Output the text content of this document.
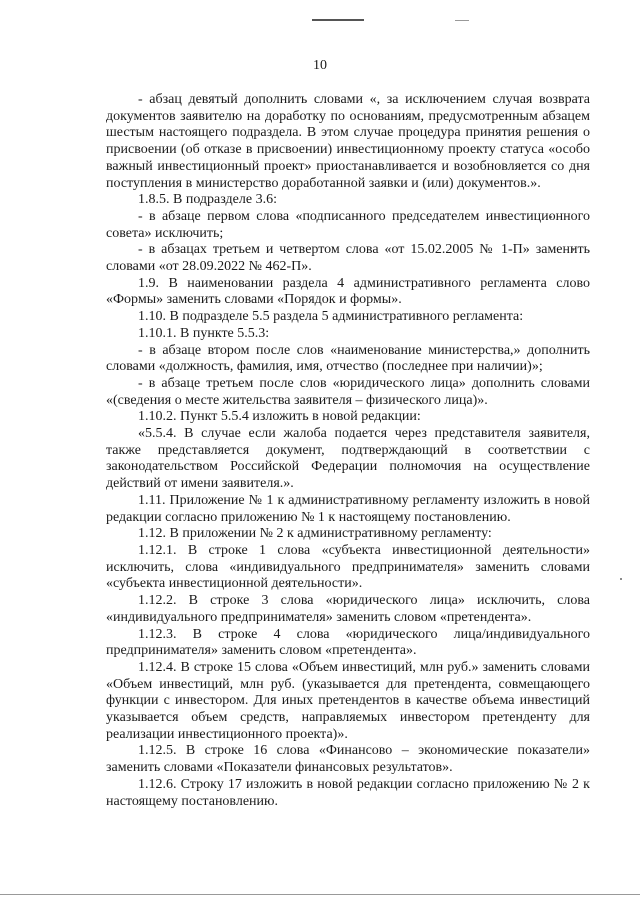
10

- абзац девятый дополнить словами «, за исключением случая возврата документов заявителю на доработку по основаниям, предусмотренным абзацем шестым настоящего подраздела. В этом случае процедура принятия решения о присвоении (об отказе в присвоении) инвестиционному проекту статуса «особо важный инвестиционный проект» приостанавливается и возобновляется со дня поступления в министерство доработанной заявки и (или) документов.».

1.8.5. В подразделе 3.6:

- в абзаце первом слова «подписанного председателем инвестиционного совета» исключить;

- в абзацах третьем и четвертом слова «от 15.02.2005 № 1-П» заменить словами «от 28.09.2022 № 462-П».

1.9. В наименовании раздела 4 административного регламента слово «Формы» заменить словами «Порядок и формы».

1.10. В подразделе 5.5 раздела 5 административного регламента:

1.10.1. В пункте 5.5.3:

- в абзаце втором после слов «наименование министерства,» дополнить словами «должность, фамилия, имя, отчество (последнее при наличии)»;

- в абзаце третьем после слов «юридического лица» дополнить словами «(сведения о месте жительства заявителя – физического лица)».

1.10.2. Пункт 5.5.4 изложить в новой редакции:

«5.5.4. В случае если жалоба подается через представителя заявителя, также представляется документ, подтверждающий в соответствии с законодательством Российской Федерации полномочия на осуществление действий от имени заявителя.».

1.11. Приложение № 1 к административному регламенту изложить в новой редакции согласно приложению № 1 к настоящему постановлению.

1.12. В приложении № 2 к административному регламенту:

1.12.1. В строке 1 слова «субъекта инвестиционной деятельности» исключить, слова «индивидуального предпринимателя» заменить словами «субъекта инвестиционной деятельности».

1.12.2. В строке 3 слова «юридического лица» исключить, слова «индивидуального предпринимателя» заменить словом «претендента».

1.12.3. В строке 4 слова «юридического лица/индивидуального предпринимателя» заменить словом «претендента».

1.12.4. В строке 15 слова «Объем инвестиций, млн руб.» заменить словами «Объем инвестиций, млн руб. (указывается для претендента, совмещающего функции с инвестором. Для иных претендентов в качестве объема инвестиций указывается объем средств, направляемых инвестором претенденту для реализации инвестиционного проекта)».

1.12.5. В строке 16 слова «Финансово – экономические показатели» заменить словами «Показатели финансовых результатов».

1.12.6. Строку 17 изложить в новой редакции согласно приложению № 2 к настоящему постановлению.
